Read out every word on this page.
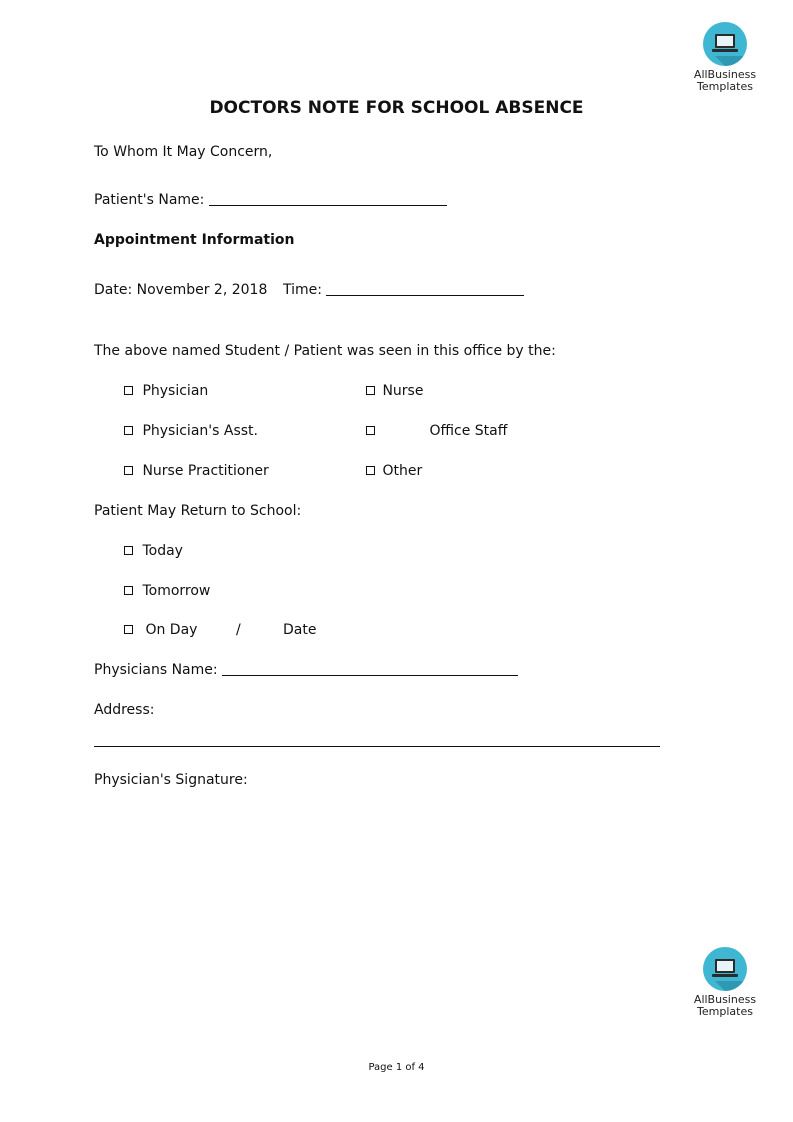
AllBusiness
Templates
DOCTORS NOTE FOR SCHOOL ABSENCE
To Whom It May Concern,
Patient's Name:
Appointment Information
Date: November 2, 2018 Time:
The above named Student / Patient was seen in this office by the:
Physician	Nurse
Physician's Asst.	Office Staff
Nurse Practitioner	Other
Patient May Return to School:
Today
Tomorrow
On Day	/	Date
Physicians Name:
Address:
Physician's Signature:
AllBusiness
Templates
Page 1 of 4
